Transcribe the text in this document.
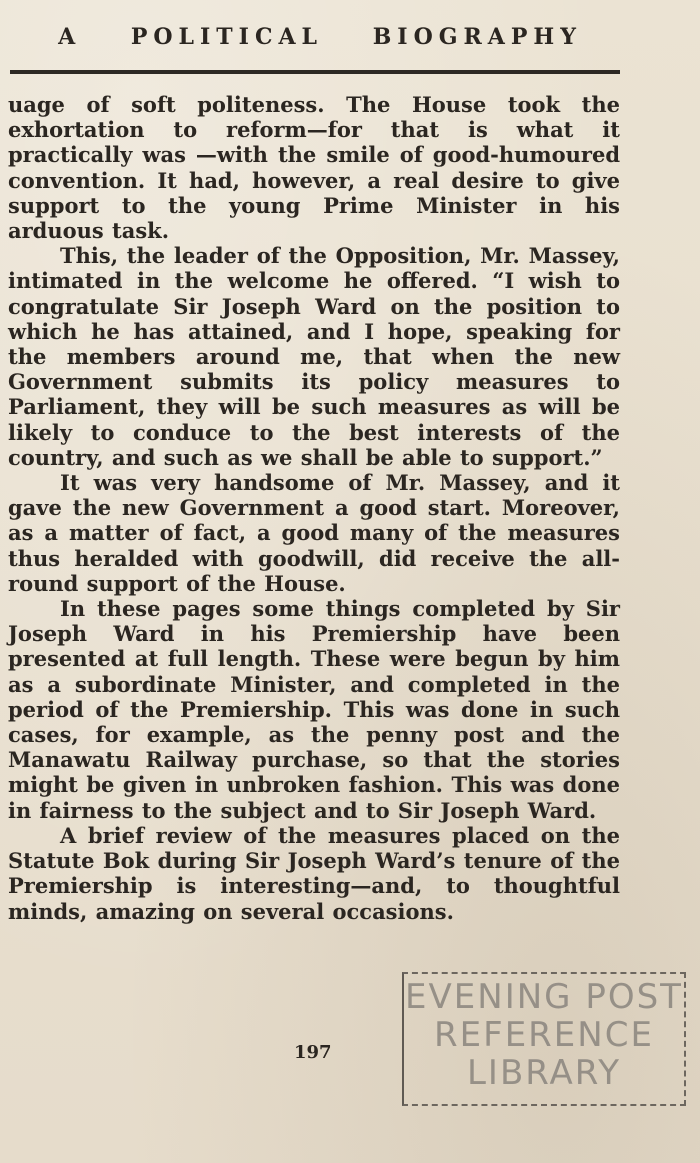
A POLITICAL BIOGRAPHY

uage of soft politeness. The House took the exhortation to reform—for that is what it practically was —with the smile of good-humoured convention. It had, however, a real desire to give support to the young Prime Minister in his arduous task.

This, the leader of the Opposition, Mr. Massey, intimated in the welcome he offered. “I wish to congratulate Sir Joseph Ward on the position to which he has attained, and I hope, speaking for the members around me, that when the new Government submits its policy measures to Parliament, they will be such measures as will be likely to conduce to the best interests of the country, and such as we shall be able to support.”

It was very handsome of Mr. Massey, and it gave the new Government a good start. Moreover, as a matter of fact, a good many of the measures thus heralded with goodwill, did receive the all-round support of the House.

In these pages some things completed by Sir Joseph Ward in his Premiership have been presented at full length. These were begun by him as a subordinate Minister, and completed in the period of the Premiership. This was done in such cases, for example, as the penny post and the Manawatu Railway purchase, so that the stories might be given in unbroken fashion. This was done in fairness to the subject and to Sir Joseph Ward.

A brief review of the measures placed on the Statute Bok during Sir Joseph Ward’s tenure of the Premiership is interesting—and, to thoughtful minds, amazing on several occasions.

197
EVENING POST
REFERENCE
LIBRARY
